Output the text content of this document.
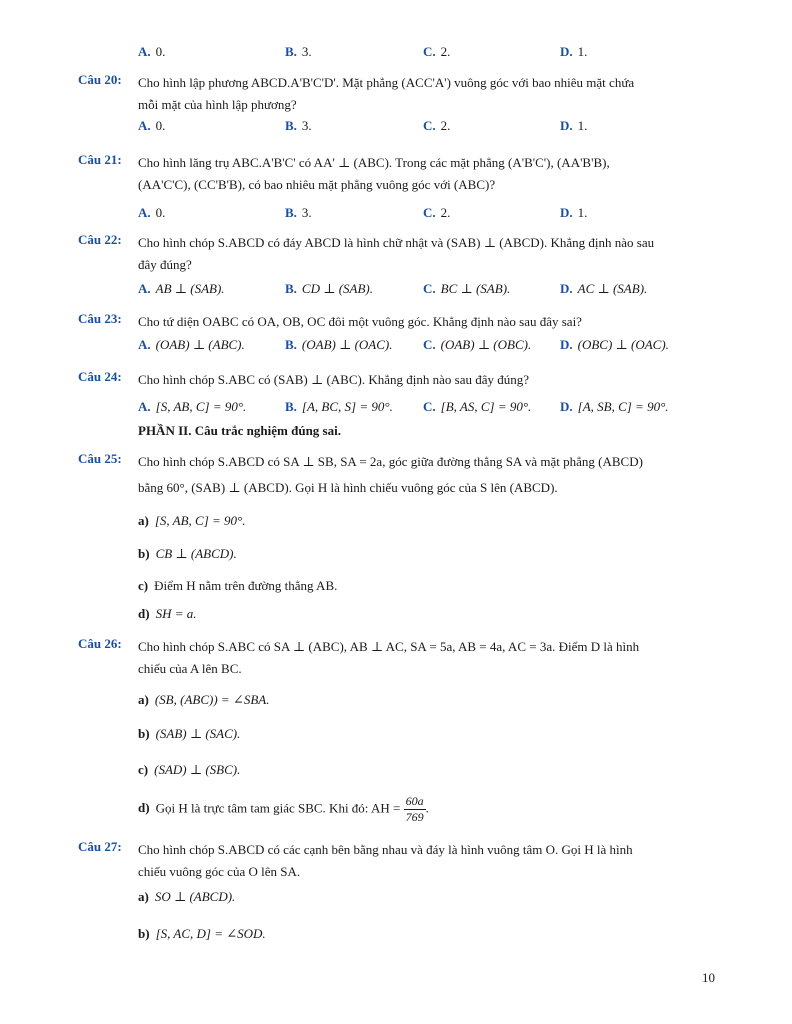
A. 0.	B. 3.	C. 2.	D. 1.
Câu 20: Cho hình lập phương ABCD.A'B'C'D'. Mặt phẳng (ACC'A') vuông góc với bao nhiêu mặt chứa
mỗi mặt của hình lập phương?
A. 0.	B. 3.	C. 2.	D. 1.
Câu 21: Cho hình lăng trụ ABC.A'B'C' có AA' ⊥ (ABC). Trong các mặt phẳng (A'B'C'), (AA'B'B),
(AA'C'C), (CC'B'B), có bao nhiêu mặt phẳng vuông góc với (ABC)?
A. 0.	B. 3.	C. 2.	D. 1.
Câu 22: Cho hình chóp S.ABCD có đáy ABCD là hình chữ nhật và (SAB) ⊥ (ABCD). Khẳng định nào sau
đây đúng?
A. AB ⊥ (SAB).	B. CD ⊥ (SAB).	C. BC ⊥ (SAB).	D. AC ⊥ (SAB).
Câu 23: Cho tứ diện OABC có OA, OB, OC đôi một vuông góc. Khẳng định nào sau đây sai?
A. (OAB) ⊥ (ABC).	B. (OAB) ⊥ (OAC). C. (OAB) ⊥ (OBC). D. (OBC) ⊥ (OAC).
Câu 24: Cho hình chóp S.ABC có (SAB) ⊥ (ABC). Khẳng định nào sau đây đúng?
A. [S, AB, C] = 90°.	B. [A, BC, S] = 90°. C. [B, AS, C] = 90°. D. [A, SB, C] = 90°.
PHẦN II. Câu trắc nghiệm đúng sai.
Câu 25: Cho hình chóp S.ABCD có SA ⊥ SB, SA = 2a, góc giữa đường thẳng SA và mặt phẳng (ABCD)
bằng 60°, (SAB) ⊥ (ABCD). Gọi H là hình chiếu vuông góc của S lên (ABCD).
a) [S, AB, C] = 90°.
b) CB ⊥ (ABCD).
c) Điểm H nằm trên đường thẳng AB.
d) SH = a.
Câu 26: Cho hình chóp S.ABC có SA ⊥ (ABC), AB ⊥ AC, SA = 5a, AB = 4a, AC = 3a. Điểm D là hình
chiếu của A lên BC.
a) (SB, (ABC)) = ∠SBA.
b) (SAB) ⊥ (SAC).
c) (SAD) ⊥ (SBC).
d) Gọi H là trực tâm tam giác SBC. Khi đó: AH = $\frac{60a}{769}$ .
Câu 27: Cho hình chóp S.ABCD có các cạnh bên bằng nhau và đáy là hình vuông tâm O. Gọi H là hình
chiếu vuông góc của O lên SA.
a) SO ⊥ (ABCD).
b) [S, AC, D] = ∠SOD.
10
